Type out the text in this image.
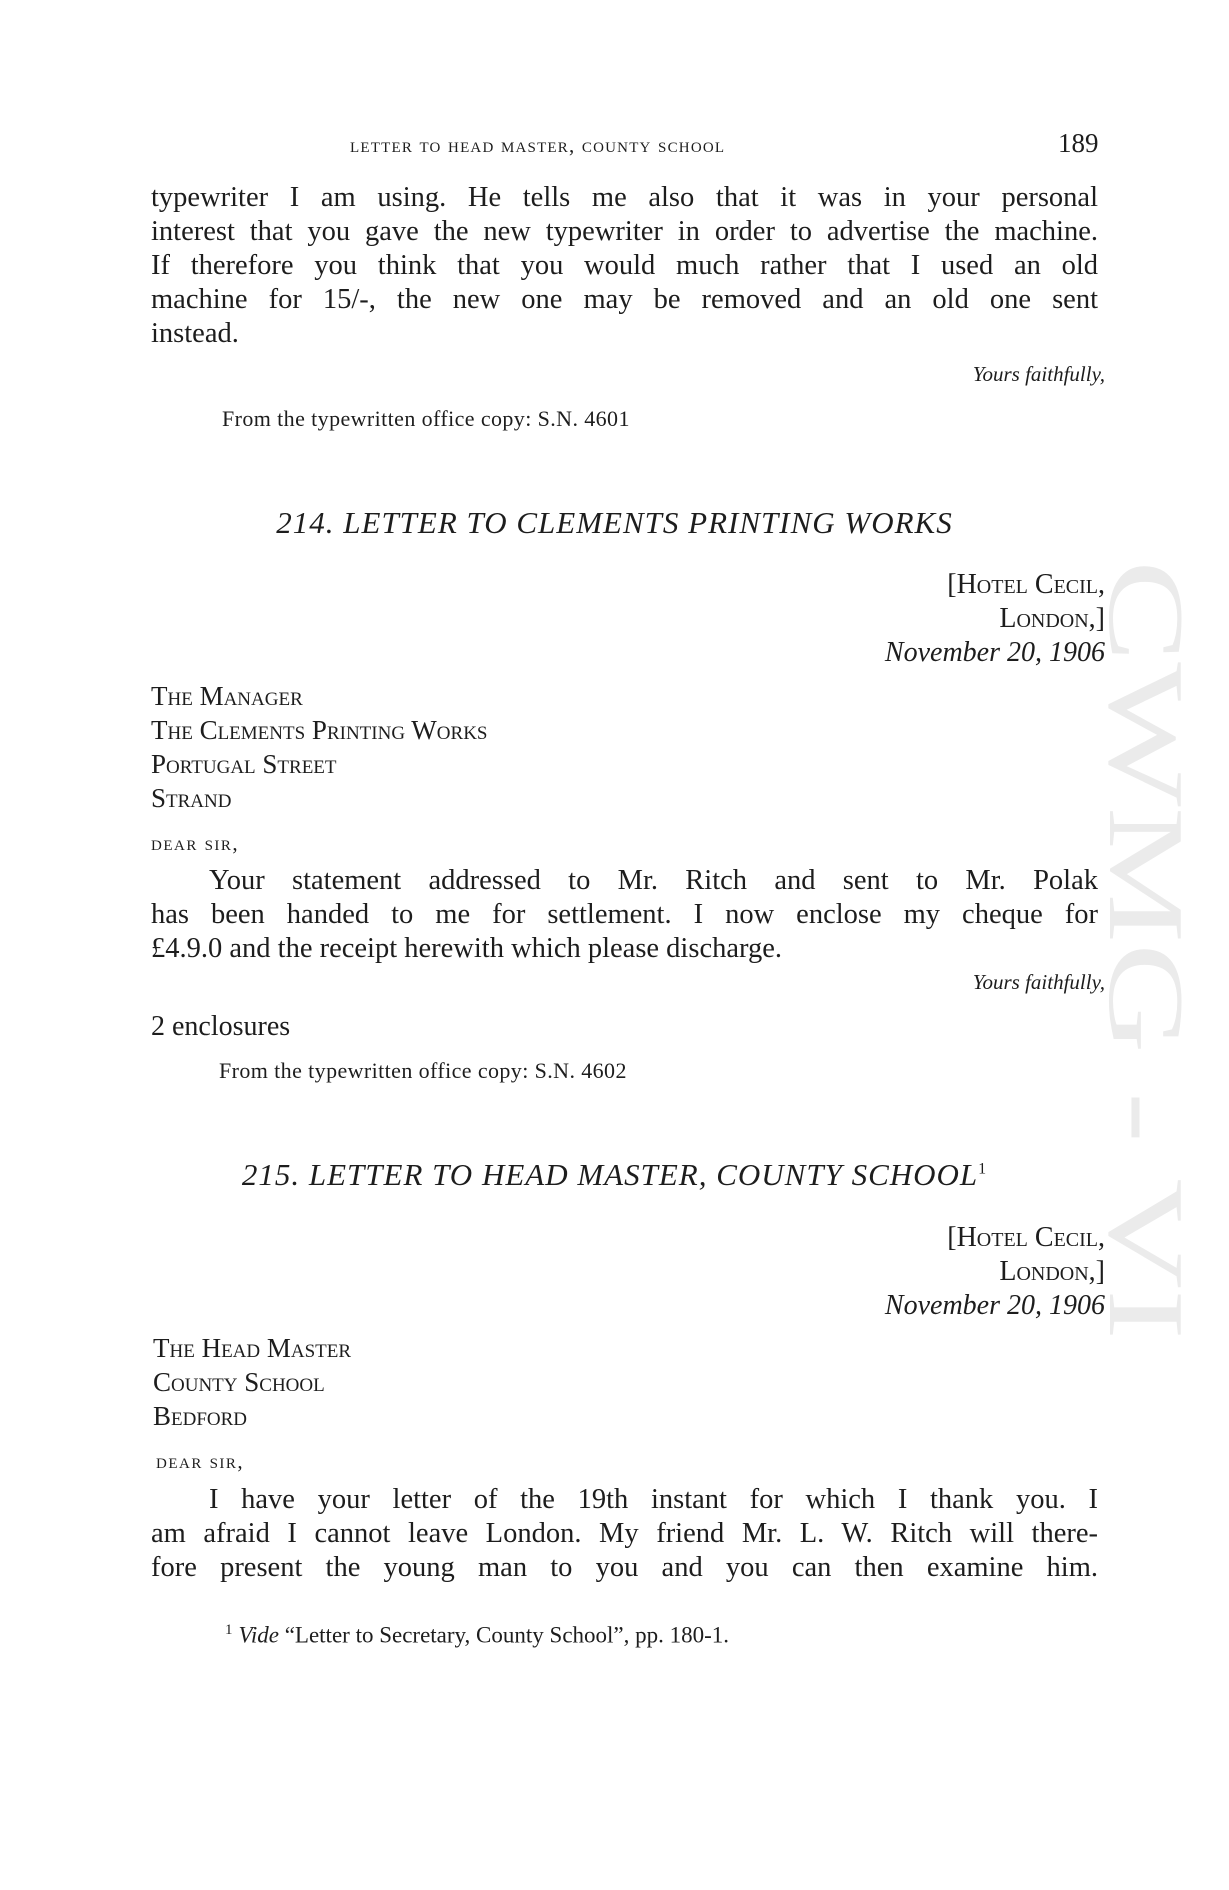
CWMG - VI
letter to head master, county school	189
typewriter I am using. He tells me also that it was in your personal
interest that you gave the new typewriter in order to advertise the machine.
If therefore you think that you would much rather that I used an old
machine for 15/-, the new one may be removed and an old one sent
instead.
Yours faithfully,
From the typewritten office copy: S.N. 4601
214. LETTER TO CLEMENTS PRINTING WORKS
[Hotel Cecil,
London,]
November 20, 1906
The Manager
The Clements Printing Works
Portugal Street
Strand
dear sir,
Your statement addressed to Mr. Ritch and sent to Mr. Polak
has been handed to me for settlement. I now enclose my cheque for
£4.9.0 and the receipt herewith which please discharge.
Yours faithfully,
2 enclosures
From the typewritten office copy: S.N. 4602
215. LETTER TO HEAD MASTER, COUNTY SCHOOL$^1$
[Hotel Cecil,
London,]
November 20, 1906
The Head Master
County School
Bedford
dear sir,
I have your letter of the 19th instant for which I thank you. I
am afraid I cannot leave London. My friend Mr. L. W. Ritch will there-
fore present the young man to you and you can then examine him.
$^1$ Vide “Letter to Secretary, County School”, pp. 180-1.
